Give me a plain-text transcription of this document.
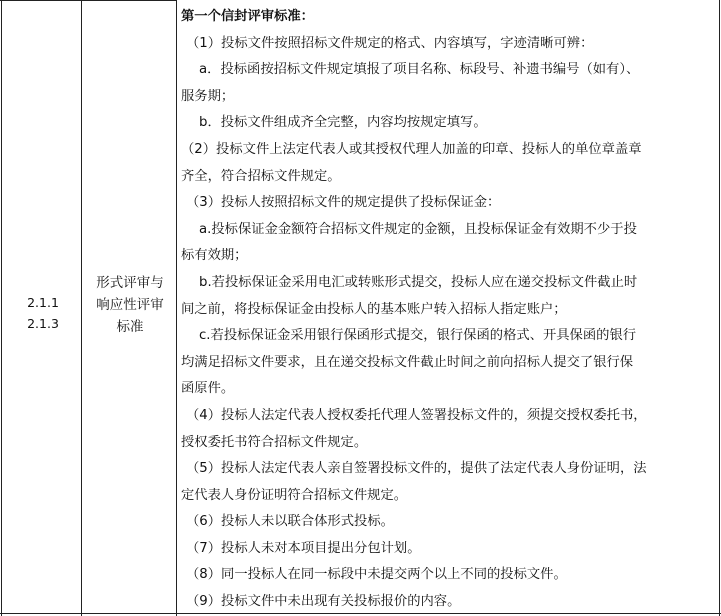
2.1.1
2.1.3
形式评审与
响应性评审
标准
第一个信封评审标准：
（1）投标文件按照招标文件规定的格式、内容填写，字迹清晰可辨：
a．投标函按招标文件规定填报了项目名称、标段号、补遗书编号（如有）、
服务期；
b．投标文件组成齐全完整，内容均按规定填写。
（2）投标文件上法定代表人或其授权代理人加盖的印章、投标人的单位章盖章
齐全，符合招标文件规定。
（3）投标人按照招标文件的规定提供了投标保证金：
a.投标保证金金额符合招标文件规定的金额，且投标保证金有效期不少于投
标有效期；
b.若投标保证金采用电汇或转账形式提交，投标人应在递交投标文件截止时
间之前，将投标保证金由投标人的基本账户转入招标人指定账户；
c.若投标保证金采用银行保函形式提交，银行保函的格式、开具保函的银行
均满足招标文件要求，且在递交投标文件截止时间之前向招标人提交了银行保
函原件。
（4）投标人法定代表人授权委托代理人签署投标文件的，须提交授权委托书，
授权委托书符合招标文件规定。
（5）投标人法定代表人亲自签署投标文件的，提供了法定代表人身份证明，法
定代表人身份证明符合招标文件规定。
（6）投标人未以联合体形式投标。
（7）投标人未对本项目提出分包计划。
（8）同一投标人在同一标段中未提交两个以上不同的投标文件。
（9）投标文件中未出现有关投标报价的内容。
